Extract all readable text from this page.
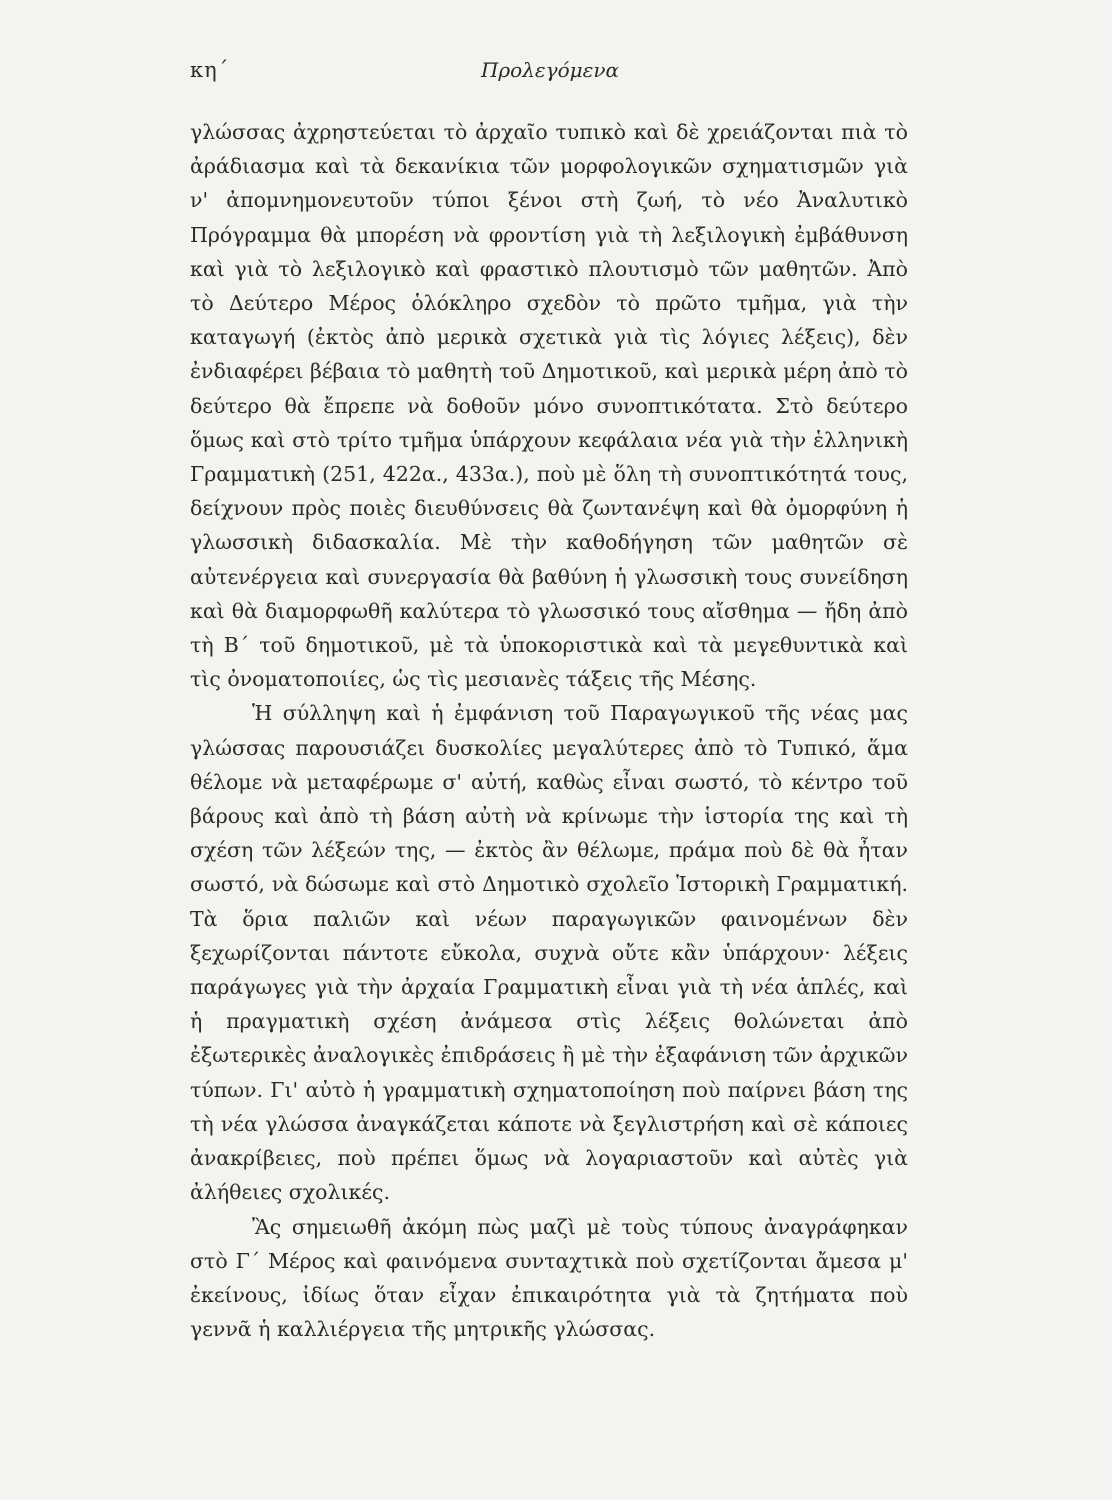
κη΄	Προλεγόμενα

γλώσσας ἀχρηστεύεται τὸ ἀρχαῖο τυπικὸ καὶ δὲ χρειάζονται πιὰ τὸ ἀράδιασμα καὶ τὰ δεκανίκια τῶν μορφολογικῶν σχηματισμῶν γιὰ ν' ἀπομνημονευτοῦν τύποι ξένοι στὴ ζωή, τὸ νέο Ἀναλυτικὸ Πρόγραμμα θὰ μπορέση νὰ φροντίση γιὰ τὴ λεξιλογικὴ ἐμβάθυνση καὶ γιὰ τὸ λεξιλογικὸ καὶ φραστικὸ πλουτισμὸ τῶν μαθητῶν. Ἀπὸ τὸ Δεύτερο Μέρος ὁλόκληρο σχεδὸν τὸ πρῶτο τμῆμα, γιὰ τὴν καταγωγή (ἐκτὸς ἀπὸ μερικὰ σχετικὰ γιὰ τὶς λόγιες λέξεις), δὲν ἐνδιαφέρει βέβαια τὸ μαθητὴ τοῦ Δημοτικοῦ, καὶ μερικὰ μέρη ἀπὸ τὸ δεύτερο θὰ ἔπρεπε νὰ δοθοῦν μόνο συνοπτικότατα. Στὸ δεύτερο ὅμως καὶ στὸ τρίτο τμῆμα ὑπάρχουν κεφάλαια νέα γιὰ τὴν ἑλληνικὴ Γραμματικὴ (251, 422α., 433α.), ποὺ μὲ ὅλη τὴ συνοπτικότητά τους, δείχνουν πρὸς ποιὲς διευθύνσεις θὰ ζωντανέψη καὶ θὰ ὀμορφύνη ἡ γλωσσικὴ διδασκαλία. Μὲ τὴν καθοδήγηση τῶν μαθητῶν σὲ αὐτενέργεια καὶ συνεργασία θὰ βαθύνη ἡ γλωσσικὴ τους συνείδηση καὶ θὰ διαμορφωθῆ καλύτερα τὸ γλωσσικό τους αἴσθημα — ἤδη ἀπὸ τὴ Β΄ τοῦ δημοτικοῦ, μὲ τὰ ὑποκοριστικὰ καὶ τὰ μεγεθυντικὰ καὶ τὶς ὀνοματοποιίες, ὡς τὶς μεσιανὲς τάξεις τῆς Μέσης.

Ἡ σύλληψη καὶ ἡ ἐμφάνιση τοῦ Παραγωγικοῦ τῆς νέας μας γλώσσας παρουσιάζει δυσκολίες μεγαλύτερες ἀπὸ τὸ Τυπικό, ἅμα θέλομε νὰ μεταφέρωμε σ' αὐτή, καθὼς εἶναι σωστό, τὸ κέντρο τοῦ βάρους καὶ ἀπὸ τὴ βάση αὐτὴ νὰ κρίνωμε τὴν ἱστορία της καὶ τὴ σχέση τῶν λέξεών της, — ἐκτὸς ἂν θέλωμε, πράμα ποὺ δὲ θὰ ἦταν σωστό, νὰ δώσωμε καὶ στὸ Δημοτικὸ σχολεῖο Ἱστορικὴ Γραμματική. Τὰ ὅρια παλιῶν καὶ νέων παραγωγικῶν φαινομένων δὲν ξεχωρίζονται πάντοτε εὔκολα, συχνὰ οὔτε κἂν ὑπάρχουν· λέξεις παράγωγες γιὰ τὴν ἀρχαία Γραμματικὴ εἶναι γιὰ τὴ νέα ἁπλές, καὶ ἡ πραγματικὴ σχέση ἀνάμεσα στὶς λέξεις θολώνεται ἀπὸ ἐξωτερικὲς ἀναλογικὲς ἐπιδράσεις ἢ μὲ τὴν ἐξαφάνιση τῶν ἀρχικῶν τύπων. Γι' αὐτὸ ἡ γραμματικὴ σχηματοποίηση ποὺ παίρνει βάση της τὴ νέα γλώσσα ἀναγκάζεται κάποτε νὰ ξεγλιστρήση καὶ σὲ κάποιες ἀνακρίβειες, ποὺ πρέπει ὅμως νὰ λογαριαστοῦν καὶ αὐτὲς γιὰ ἀλήθειες σχολικές.

Ἂς σημειωθῆ ἀκόμη πὼς μαζὶ μὲ τοὺς τύπους ἀναγράφηκαν στὸ Γ΄ Μέρος καὶ φαινόμενα συνταχτικὰ ποὺ σχετίζονται ἄμεσα μ' ἐκείνους, ἰδίως ὅταν εἶχαν ἐπικαιρότητα γιὰ τὰ ζητήματα ποὺ γεννᾶ ἡ καλλιέργεια τῆς μητρικῆς γλώσσας.
